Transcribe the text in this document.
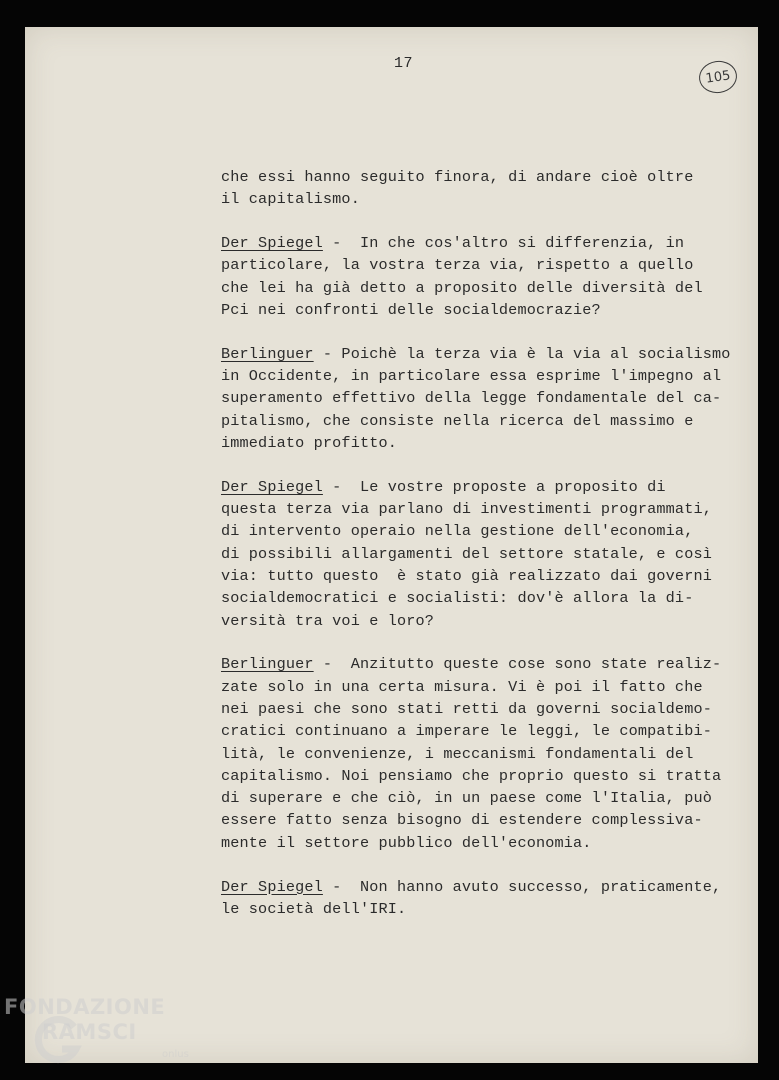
17
105
che essi hanno seguito finora, di andare cioè oltre
il capitalismo.
Der Spiegel -  In che cos'altro si differenzia, in
particolare, la vostra terza via, rispetto a quello
che lei ha già detto a proposito delle diversità del
Pci nei confronti delle socialdemocrazie?
Berlinguer - Poichè la terza via è la via al socialismo
in Occidente, in particolare essa esprime l'impegno al
superamento effettivo della legge fondamentale del ca-
pitalismo, che consiste nella ricerca del massimo e
immediato profitto.
Der Spiegel -  Le vostre proposte a proposito di
questa terza via parlano di investimenti programmati,
di intervento operaio nella gestione dell'economia,
di possibili allargamenti del settore statale, e così
via: tutto questo  è stato già realizzato dai governi
socialdemocratici e socialisti: dov'è allora la di-
versità tra voi e loro?
Berlinguer -  Anzitutto queste cose sono state realiz-
zate solo in una certa misura. Vi è poi il fatto che
nei paesi che sono stati retti da governi socialdemo-
cratici continuano a imperare le leggi, le compatibi-
lità, le convenienze, i meccanismi fondamentali del
capitalismo. Noi pensiamo che proprio questo si tratta
di superare e che ciò, in un paese come l'Italia, può
essere fatto senza bisogno di estendere complessiva-
mente il settore pubblico dell'economia.
Der Spiegel -  Non hanno avuto successo, praticamente,
le società dell'IRI.
FONDAZIONE
RAMSCI
onlus
